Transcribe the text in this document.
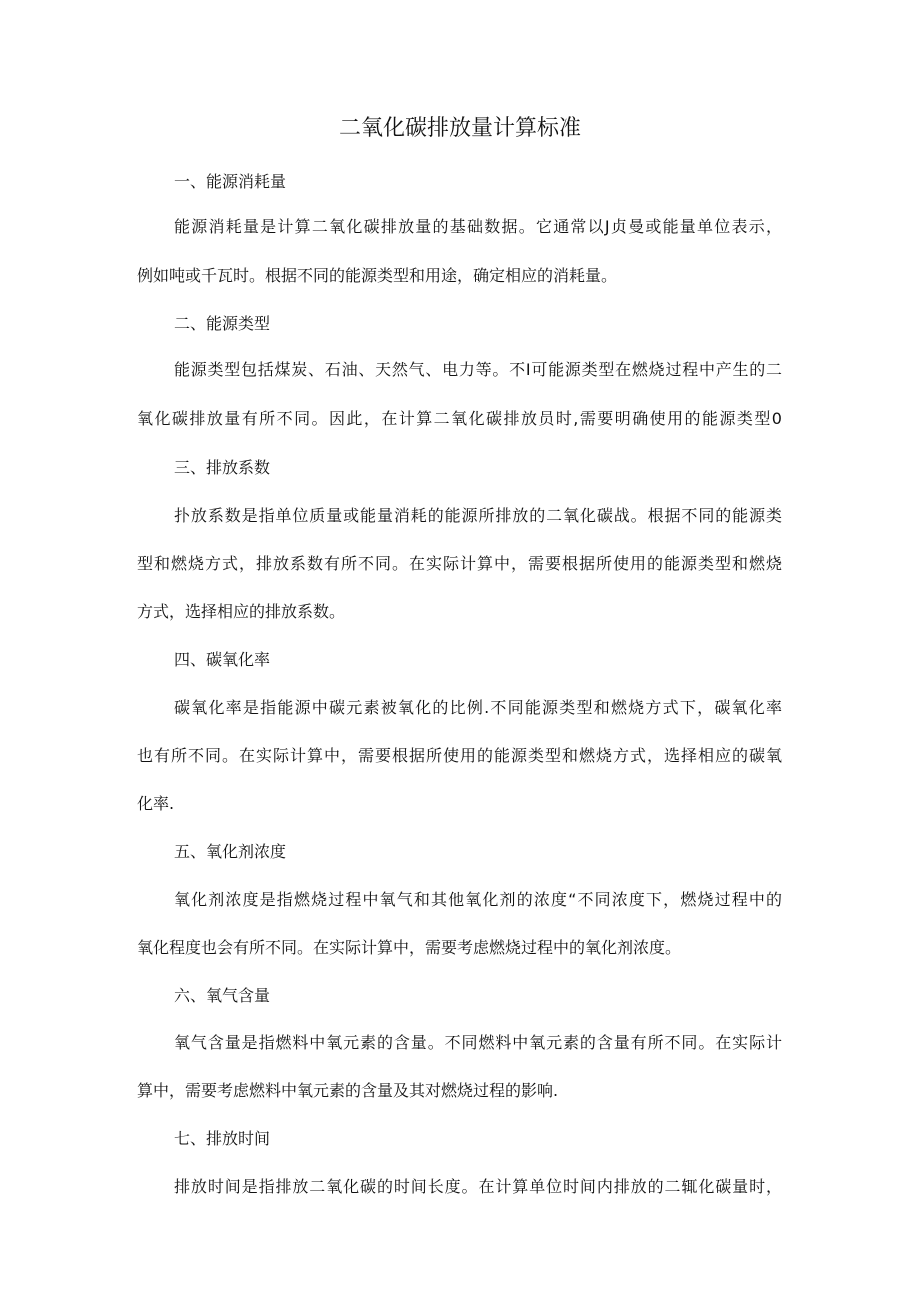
二氧化碳排放量计算标准
一、能源消耗量
能源消耗量是计算二氧化碳排放量的基础数据。它通常以J贞曼或能量单位表示，
例如吨或千瓦时。根据不同的能源类型和用途，确定相应的消耗量。
二、能源类型
能源类型包括煤炭、石油、天然气、电力等。不I可能源类型在燃烧过程中产生的二
氧化碳排放量有所不同。因此，在计算二氧化碳排放员时,需要明确使用的能源类型0
三、排放系数
扑放系数是指单位质量或能量消耗的能源所排放的二氧化碳战。根据不同的能源类
型和燃烧方式，排放系数有所不同。在实际计算中，需要根据所使用的能源类型和燃烧
方式，选择相应的排放系数。
四、碳氧化率
碳氧化率是指能源中碳元素被氧化的比例.不同能源类型和燃烧方式下，碳氧化率
也有所不同。在实际计算中，需要根据所使用的能源类型和燃烧方式，选择相应的碳氧
化率.
五、氧化剂浓度
氧化剂浓度是指燃烧过程中氧气和其他氧化剂的浓度“不同浓度下，燃烧过程中的
氧化程度也会有所不同。在实际计算中，需要考虑燃烧过程中的氧化剂浓度。
六、氧气含量
氧气含量是指燃料中氧元素的含量。不同燃料中氧元素的含量有所不同。在实际计
算中，需要考虑燃料中氧元素的含量及其对燃烧过程的影响.
七、排放时间
排放时间是指排放二氧化碳的时间长度。在计算单位时间内排放的二辄化碳量时，
